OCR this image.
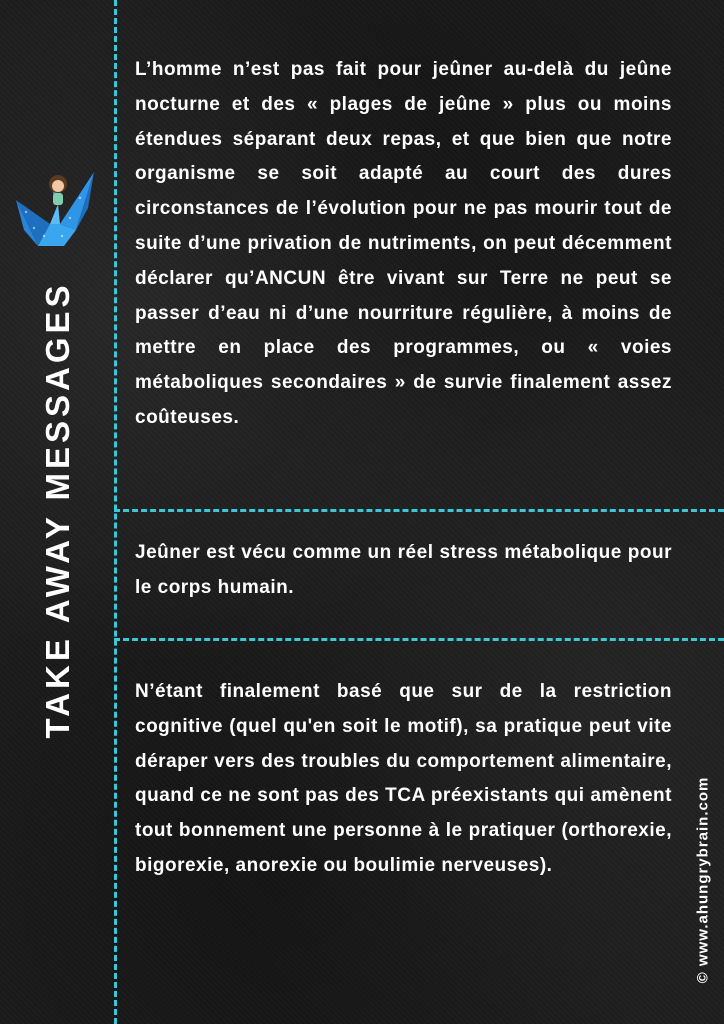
TAKE AWAY MESSAGES

L’homme n’est pas fait pour jeûner au-delà du jeûne nocturne et des « plages de jeûne » plus ou moins étendues séparant deux repas, et que bien que notre organisme se soit adapté au court des dures circonstances de l’évolution pour ne pas mourir tout de suite d’une privation de nutriments, on peut décemment déclarer qu’ANCUN être vivant sur Terre ne peut se passer d’eau ni d’une nourriture régulière, à moins de mettre en place des programmes, ou « voies métaboliques secondaires » de survie finalement assez coûteuses.

Jeûner est vécu comme un réel stress métabolique pour le corps humain.

N’étant finalement basé que sur de la restriction cognitive (quel qu'en soit le motif), sa pratique peut vite déraper vers des troubles du comportement alimentaire, quand ce ne sont pas des TCA préexistants qui amènent tout bonnement une personne à le pratiquer (orthorexie, bigorexie, anorexie ou boulimie nerveuses).	© www.ahungrybrain.com
